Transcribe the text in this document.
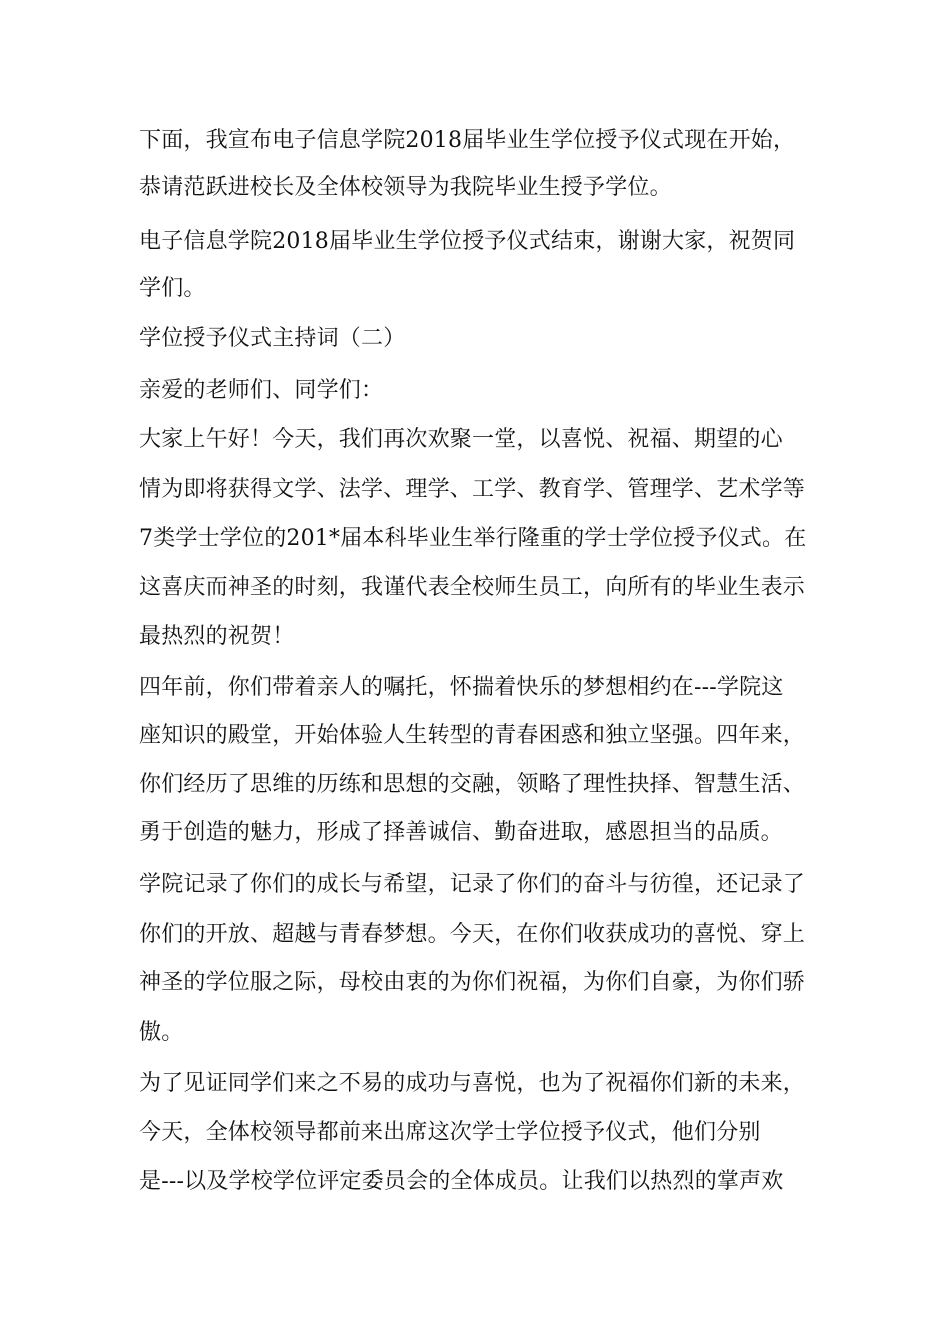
下面，我宣布电子信息学院2018届毕业生学位授予仪式现在开始，
恭请范跃进校长及全体校领导为我院毕业生授予学位。
电子信息学院2018届毕业生学位授予仪式结束，谢谢大家，祝贺同
学们。
学位授予仪式主持词（二）
亲爱的老师们、同学们：
大家上午好！今天，我们再次欢聚一堂，以喜悦、祝福、期望的心
情为即将获得文学、法学、理学、工学、教育学、管理学、艺术学等
7类学士学位的201*届本科毕业生举行隆重的学士学位授予仪式。在
这喜庆而神圣的时刻，我谨代表全校师生员工，向所有的毕业生表示
最热烈的祝贺！
四年前，你们带着亲人的嘱托，怀揣着快乐的梦想相约在---学院这
座知识的殿堂，开始体验人生转型的青春困惑和独立坚强。四年来，
你们经历了思维的历练和思想的交融，领略了理性抉择、智慧生活、
勇于创造的魅力，形成了择善诚信、勤奋进取，感恩担当的品质。
学院记录了你们的成长与希望，记录了你们的奋斗与彷徨，还记录了
你们的开放、超越与青春梦想。今天，在你们收获成功的喜悦、穿上
神圣的学位服之际，母校由衷的为你们祝福，为你们自豪，为你们骄
傲。
为了见证同学们来之不易的成功与喜悦，也为了祝福你们新的未来，
今天，全体校领导都前来出席这次学士学位授予仪式，他们分别
是---以及学校学位评定委员会的全体成员。让我们以热烈的掌声欢
